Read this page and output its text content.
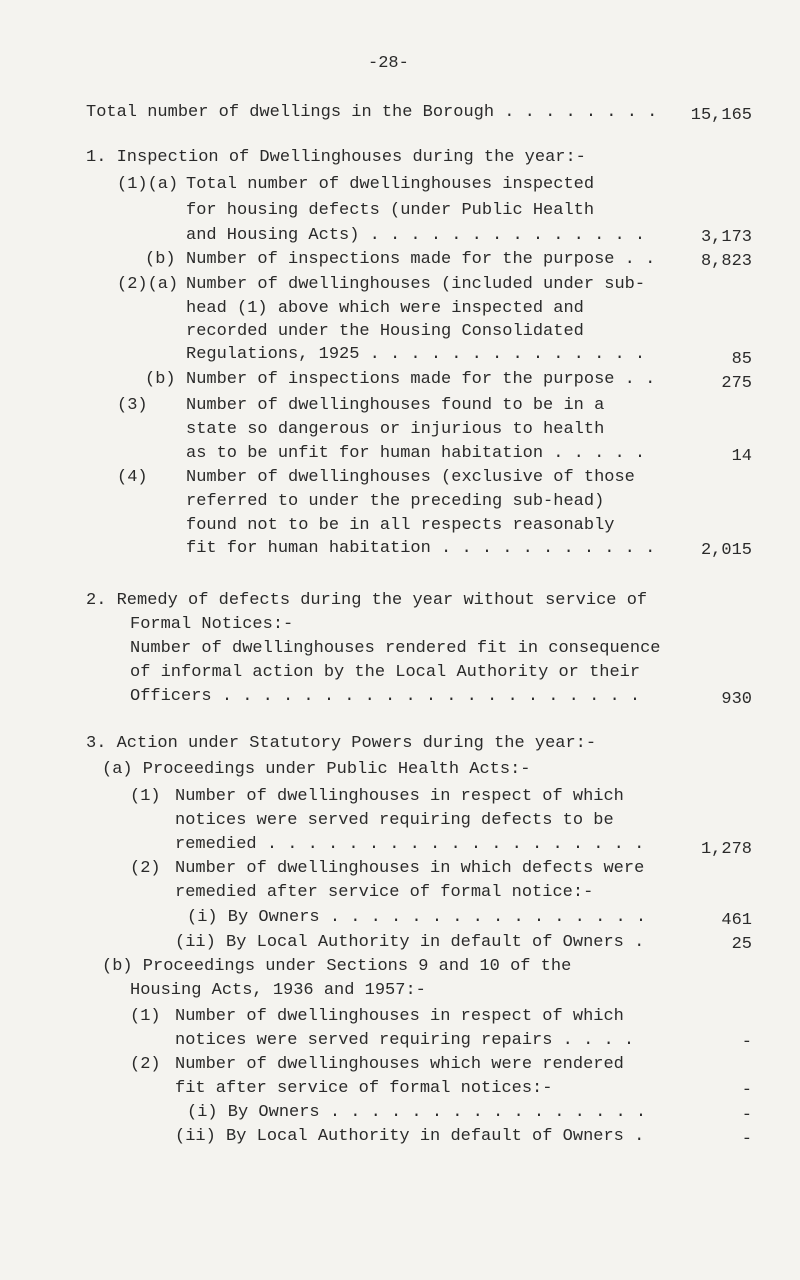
-28-
Total number of dwellings in the Borough . . . . . . . . 15,165
1. Inspection of Dwellinghouses during the year:-
(1)(a) Total number of dwellinghouses inspected
for housing defects (under Public Health
and Housing Acts) . . . . . . . . . . . . . .	3,173
(b) Number of inspections made for the purpose . .	8,823
(2)(a) Number of dwellinghouses (included under sub-
head (1) above which were inspected and
recorded under the Housing Consolidated
Regulations, 1925 . . . . . . . . . . . . . .	85
(b) Number of inspections made for the purpose . .	275
(3) Number of dwellinghouses found to be in a
state so dangerous or injurious to health
as to be unfit for human habitation . . . . .	14
(4) Number of dwellinghouses (exclusive of those
referred to under the preceding sub-head)
found not to be in all respects reasonably
fit for human habitation . . . . . . . . . . .	2,015
2. Remedy of defects during the year without service of
Formal Notices:-
Number of dwellinghouses rendered fit in consequence
of informal action by the Local Authority or their
Officers . . . . . . . . . . . . . . . . . . . . .	930
3. Action under Statutory Powers during the year:-
(a) Proceedings under Public Health Acts:-
(1) Number of dwellinghouses in respect of which
notices were served requiring defects to be
remedied . . . . . . . . . . . . . . . . . . .	1,278
(2) Number of dwellinghouses in which defects were
remedied after service of formal notice:-
(i) By Owners . . . . . . . . . . . . . . . .	461
(ii) By Local Authority in default of Owners .	25
(b) Proceedings under Sections 9 and 10 of the
Housing Acts, 1936 and 1957:-
(1) Number of dwellinghouses in respect of which
notices were served requiring repairs . . . .	-
(2) Number of dwellinghouses which were rendered
fit after service of formal notices:-	-
(i) By Owners . . . . . . . . . . . . . . . .	-
(ii) By Local Authority in default of Owners .	-
